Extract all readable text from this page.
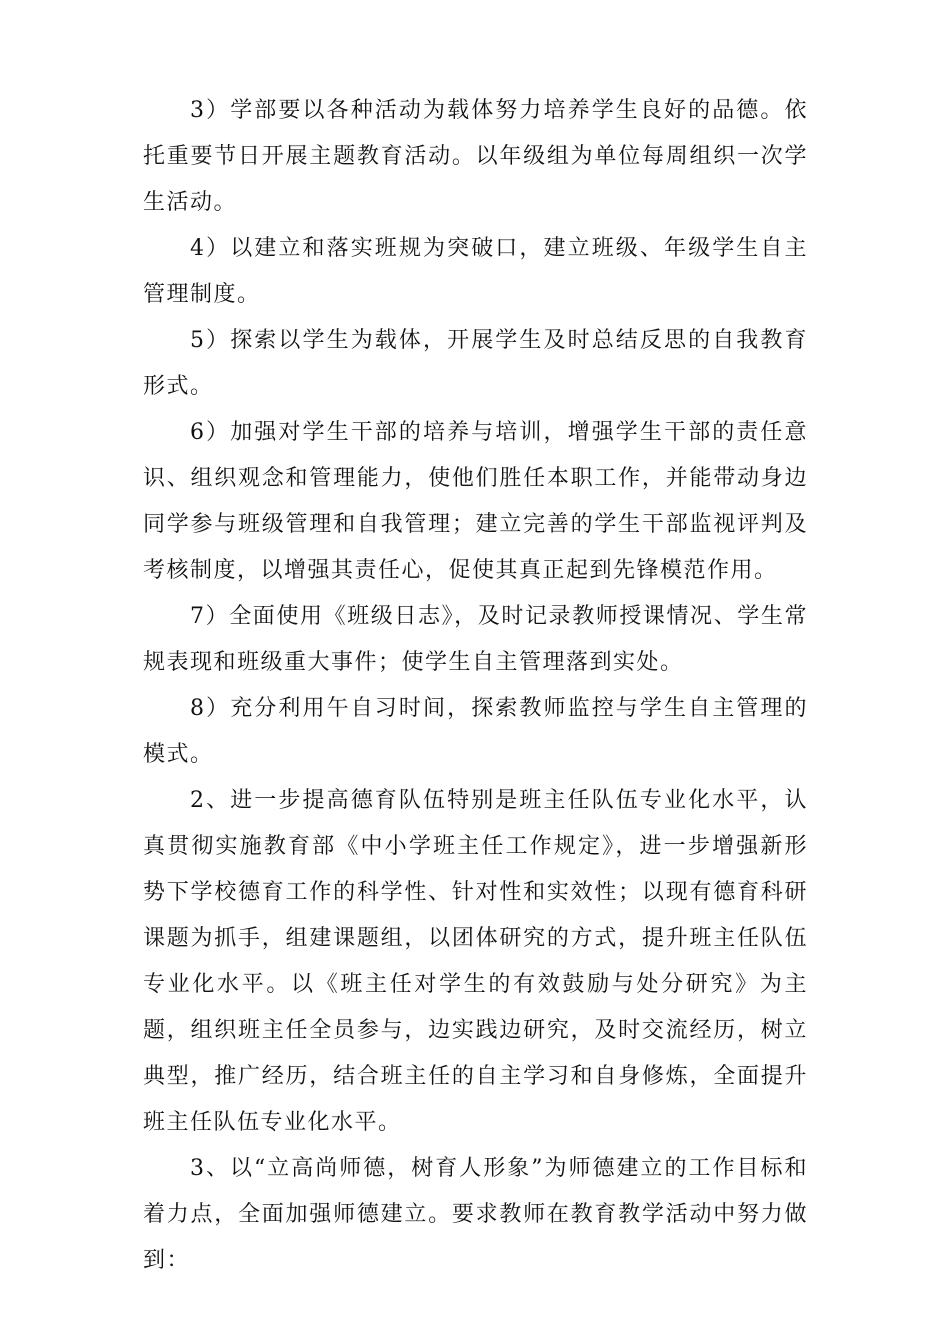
3）学部要以各种活动为载体努力培养学生良好的品德。依托重要节日开展主题教育活动。以年级组为单位每周组织一次学生活动。

4）以建立和落实班规为突破口，建立班级、年级学生自主管理制度。

5）探索以学生为载体，开展学生及时总结反思的自我教育形式。

6）加强对学生干部的培养与培训，增强学生干部的责任意识、组织观念和管理能力，使他们胜任本职工作，并能带动身边同学参与班级管理和自我管理；建立完善的学生干部监视评判及考核制度，以增强其责任心，促使其真正起到先锋模范作用。

7）全面使用《班级日志》，及时记录教师授课情况、学生常规表现和班级重大事件；使学生自主管理落到实处。

8）充分利用午自习时间，探索教师监控与学生自主管理的模式。

2、进一步提高德育队伍特别是班主任队伍专业化水平，认真贯彻实施教育部《中小学班主任工作规定》，进一步增强新形势下学校德育工作的科学性、针对性和实效性；以现有德育科研课题为抓手，组建课题组，以团体研究的方式，提升班主任队伍专业化水平。以《班主任对学生的有效鼓励与处分研究》为主题，组织班主任全员参与，边实践边研究，及时交流经历，树立典型，推广经历，结合班主任的自主学习和自身修炼，全面提升班主任队伍专业化水平。

3、以“立高尚师德，树育人形象”为师德建立的工作目标和着力点，全面加强师德建立。要求教师在教育教学活动中努力做到：
